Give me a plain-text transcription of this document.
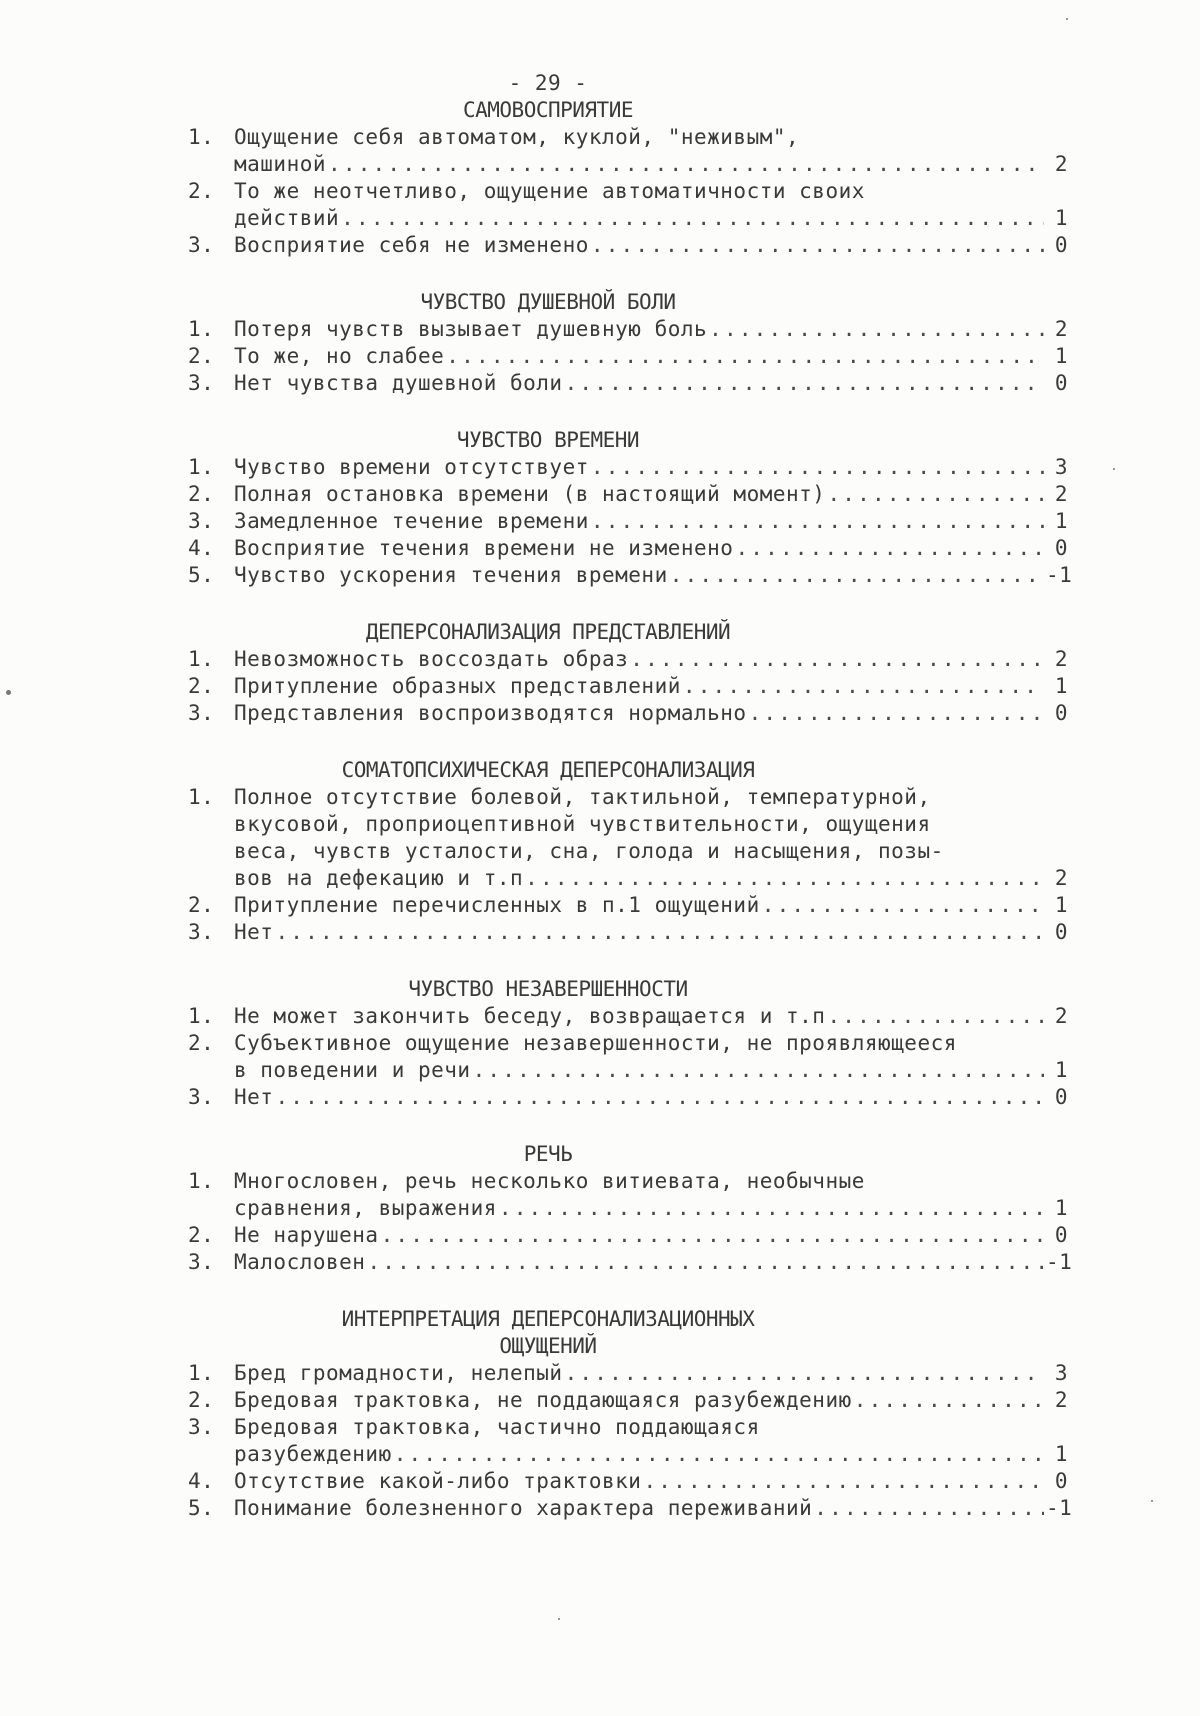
- 29 -
САМОВОСПРИЯТИЕ
1. Ощущение себя автоматом, куклой, "неживым",
машиной .....	2
2. То же неотчетливо, ощущение автоматичности своих
действий .....	1
3. Восприятие себя не изменено .....	0
ЧУВСТВО ДУШЕВНОЙ БОЛИ
1. Потеря чувств вызывает душевную боль .....	2
2. То же, но слабее .....	1
3. Нет чувства душевной боли .....	0
ЧУВСТВО ВРЕМЕНИ
1. Чувство времени отсутствует .....	3
2. Полная остановка времени (в настоящий момент) .....	2
3. Замедленное течение времени .....	1
4. Восприятие течения времени не изменено .....	0
5. Чувство ускорения течения времени .....	-1
ДЕПЕРСОНАЛИЗАЦИЯ ПРЕДСТАВЛЕНИЙ
1. Невозможность воссоздать образ .....	2
2. Притупление образных представлений .....	1
3. Представления воспроизводятся нормально .....	0
СОМАТОПСИХИЧЕСКАЯ ДЕПЕРСОНАЛИЗАЦИЯ
1. Полное отсутствие болевой, тактильной, температурной,
вкусовой, проприоцептивной чувствительности, ощущения
веса, чувств усталости, сна, голода и насыщения, позы-
вов на дефекацию и т.п .....	2
2. Притупление перечисленных в п.1 ощущений .....	1
3. Нет .....	0
ЧУВСТВО НЕЗАВЕРШЕННОСТИ
1. Не может закончить беседу, возвращается и т.п .....	2
2. Субъективное ощущение незавершенности, не проявляющееся
в поведении и речи .....	1
3. Нет .....	0
РЕЧЬ
1. Многословен, речь несколько витиевата, необычные
сравнения, выражения .....	1
2. Не нарушена .....	0
3. Малословен .....	-1
ИНТЕРПРЕТАЦИЯ ДЕПЕРСОНАЛИЗАЦИОННЫХ ОЩУЩЕНИЙ
1. Бред громадности, нелепый .....	3
2. Бредовая трактовка, не поддающаяся разубеждению .....	2
3. Бредовая трактовка, частично поддающаяся
разубеждению .....	1
4. Отсутствие какой-либо трактовки .....	0
5. Понимание болезненного характера переживаний .....	-1
